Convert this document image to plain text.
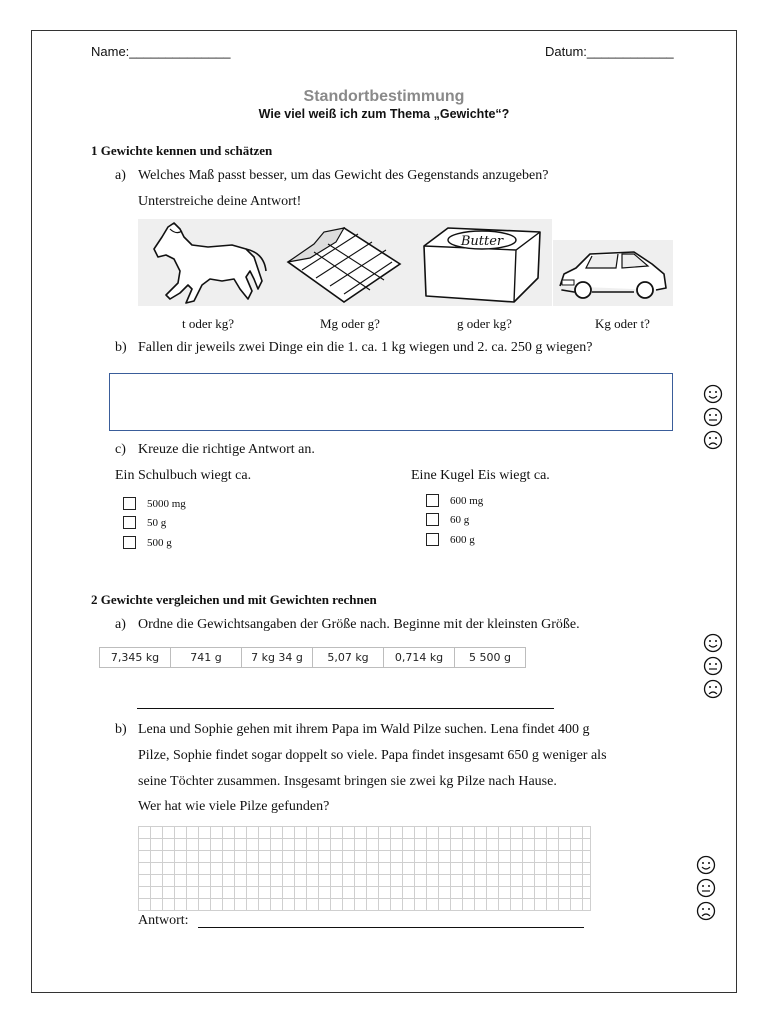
Name:______________	Datum:____________
Standortbestimmung
Wie viel weiß ich zum Thema „Gewichte“?
1 Gewichte kennen und schätzen
a) Welches Maß passt besser, um das Gewicht des Gegenstands anzugeben?
Unterstreiche deine Antwort!
Butter
t oder kg?	Mg oder g?	g oder kg?	Kg oder t?
b) Fallen dir jeweils zwei Dinge ein die 1. ca. 1 kg wiegen und 2. ca. 250 g wiegen?
c) Kreuze die richtige Antwort an.
Ein Schulbuch wiegt ca.	Eine Kugel Eis wiegt ca.
5000 mg
50 g
500 g
600 mg
60 g
600 g
2 Gewichte vergleichen und mit Gewichten rechnen
a) Ordne die Gewichtsangaben der Größe nach. Beginne mit der kleinsten Größe.
7,345 kg	741 g	7 kg 34 g	5,07 kg	0,714 kg	5 500 g
b) Lena und Sophie gehen mit ihrem Papa im Wald Pilze suchen. Lena findet 400 g
Pilze, Sophie findet sogar doppelt so viele. Papa findet insgesamt 650 g weniger als
seine Töchter zusammen. Insgesamt bringen sie zwei kg Pilze nach Hause.
Wer hat wie viele Pilze gefunden?
Antwort:
